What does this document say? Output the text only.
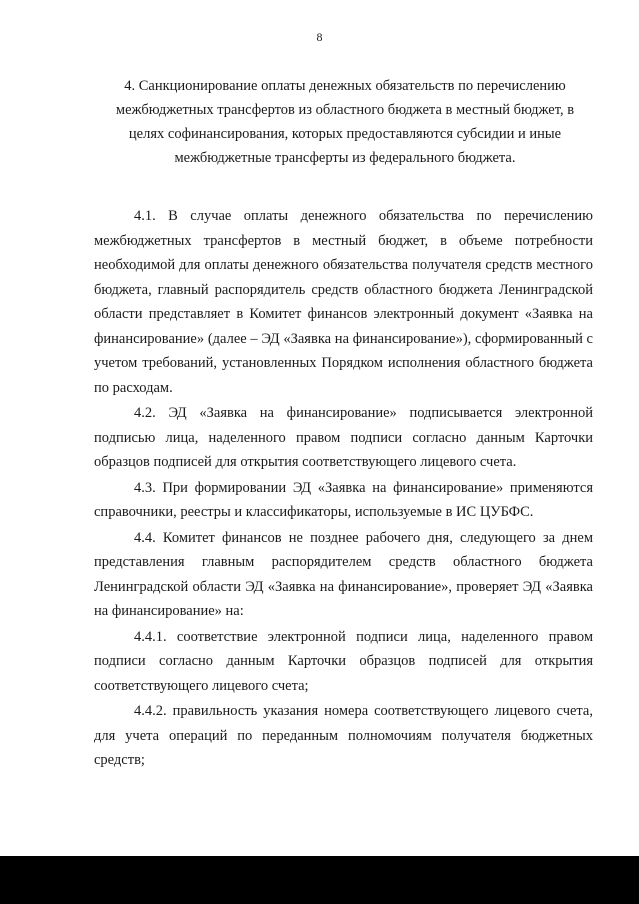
8
4. Санкционирование оплаты денежных обязательств по перечислению
межбюджетных трансфертов из областного бюджета в местный бюджет, в
целях софинансирования, которых предоставляются субсидии и иные
межбюджетные трансферты из федерального бюджета.

4.1. В случае оплаты денежного обязательства по перечислению межбюджетных трансфертов в местный бюджет, в объеме потребности необходимой для оплаты денежного обязательства получателя средств местного бюджета, главный распорядитель средств областного бюджета Ленинградской области представляет в Комитет финансов электронный документ «Заявка на финансирование» (далее – ЭД «Заявка на финансирование»), сформированный с учетом требований, установленных Порядком исполнения областного бюджета по расходам.

4.2. ЭД «Заявка на финансирование» подписывается электронной подписью лица, наделенного правом подписи согласно данным Карточки образцов подписей для открытия соответствующего лицевого счета.

4.3. При формировании ЭД «Заявка на финансирование» применяются справочники, реестры и классификаторы, используемые в ИС ЦУБФС.

4.4. Комитет финансов не позднее рабочего дня, следующего за днем представления главным распорядителем средств областного бюджета Ленинградской области ЭД «Заявка на финансирование», проверяет ЭД «Заявка на финансирование» на:

4.4.1. соответствие электронной подписи лица, наделенного правом подписи согласно данным Карточки образцов подписей для открытия соответствующего лицевого счета;

4.4.2. правильность указания номера соответствующего лицевого счета, для учета операций по переданным полномочиям получателя бюджетных средств;
